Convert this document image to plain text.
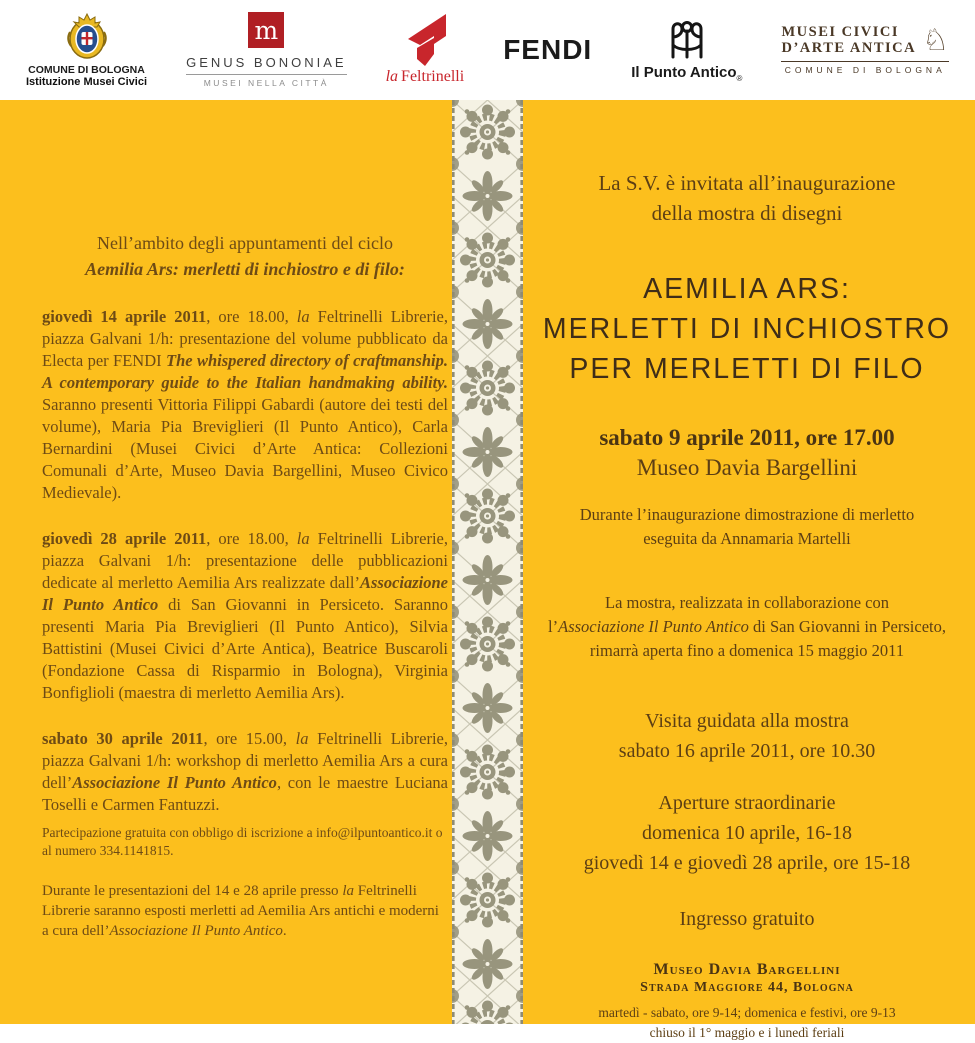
COMUNE DI BOLOGNA
Istituzione Musei Civici
m
GENUS BONONIAE
MUSEI NELLA CITTÀ	la Feltrinelli
FENDI
Il Punto Antico$_®$
MUSEI CIVICI
D’ARTE ANTICA ♘
COMUNE DI BOLOGNA
Nell’ambito degli appuntamenti del ciclo
Aemilia Ars: merletti di inchiostro e di filo:

giovedì 14 aprile 2011, ore 18.00, la Feltrinelli Librerie, piazza Galvani 1/h: presentazione del volume pubblicato da Electa per FENDI The whispered directory of craftmanship. A contemporary guide to the Italian handmaking ability. Saranno presenti Vittoria Filippi Gabardi (autore dei testi del volume), Maria Pia Breviglieri (Il Punto Antico), Carla Bernardini (Musei Civici d’Arte Antica: Collezioni Comunali d’Arte, Museo Davia Bargellini, Museo Civico Medievale).

giovedì 28 aprile 2011, ore 18.00, la Feltrinelli Librerie, piazza Galvani 1/h: presentazione delle pubblicazioni dedicate al merletto Aemilia Ars realizzate dall’Associazione Il Punto Antico di San Giovanni in Persiceto. Saranno presenti Maria Pia Breviglieri (Il Punto Antico), Silvia Battistini (Musei Civici d’Arte Antica), Beatrice Buscaroli (Fondazione Cassa di Risparmio in Bologna), Virginia Bonfiglioli (maestra di merletto Aemilia Ars).

sabato 30 aprile 2011, ore 15.00, la Feltrinelli Librerie, piazza Galvani 1/h: workshop di merletto Aemilia Ars a cura dell’Associazione Il Punto Antico, con le maestre Luciana Toselli e Carmen Fantuzzi.

Partecipazione gratuita con obbligo di iscrizione a info@ilpuntoantico.it o al numero 334.1141815.

Durante le presentazioni del 14 e 28 aprile presso la Feltrinelli Librerie saranno esposti merletti ad Aemilia Ars antichi e moderni a cura dell’Associazione Il Punto Antico.

La S.V. è invitata all’inaugurazione
della mostra di disegni
AEMILIA ARS:
MERLETTI DI INCHIOSTRO
PER MERLETTI DI FILO
sabato 9 aprile 2011, ore 17.00
Museo Davia Bargellini
Durante l’inaugurazione dimostrazione di merletto
eseguita da Annamaria Martelli
La mostra, realizzata in collaborazione con
l’Associazione Il Punto Antico di San Giovanni in Persiceto,
rimarrà aperta fino a domenica 15 maggio 2011
Visita guidata alla mostra
sabato 16 aprile 2011, ore 10.30
Aperture straordinarie
domenica 10 aprile, 16-18
giovedì 14 e giovedì 28 aprile, ore 15-18
Ingresso gratuito
Museo Davia Bargellini
Strada Maggiore 44, Bologna
martedì - sabato, ore 9-14; domenica e festivi, ore 9-13
chiuso il 1° maggio e i lunedì feriali
